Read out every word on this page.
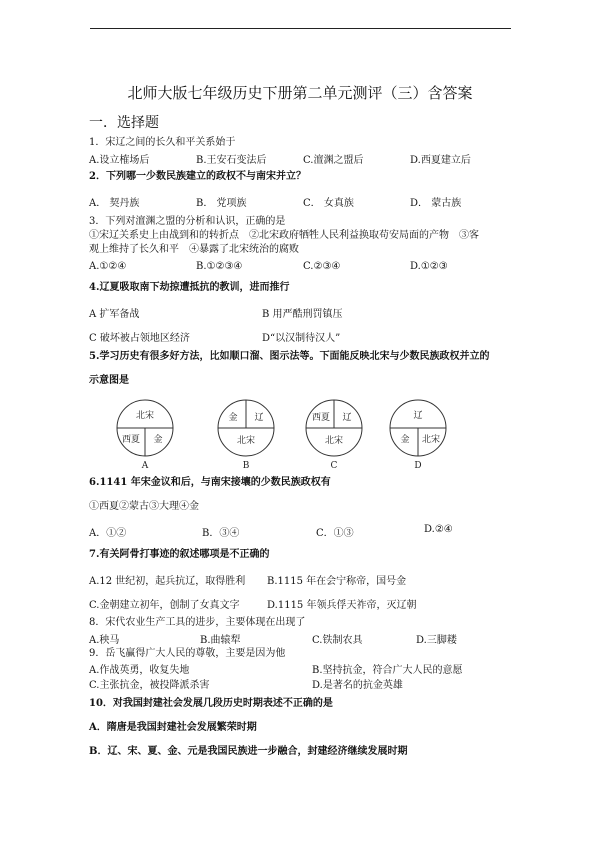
北师大版七年级历史下册第二单元测评（三）含答案
一．选择题
1．宋辽之间的长久和平关系始于
A.设立榷场后	B.王安石变法后	C.澶渊之盟后	D.西夏建立后
2．下列哪一少数民族建立的政权不与南宋并立？
A． 契丹族	B． 党项族	C． 女真族	D． 蒙古族
3．下列对澶渊之盟的分析和认识，正确的是
①宋辽关系史上由战到和的转折点　②北宋政府牺牲人民利益换取苟安局面的产物　③客
观上维持了长久和平　④暴露了北宋统治的腐败
A.①②④	B.①②③④	C.②③④	D.①②③
4.辽夏吸取南下劫掠遭抵抗的教训，进而推行
A 扩军备战	B 用严酷刑罚镇压
C 破坏被占领地区经济	D“以汉制待汉人”
5.学习历史有很多好方法，比如顺口溜、图示法等。下面能反映北宋与少数民族政权并立的
示意图是
北宋
西夏 金
A
金 辽
北宋
B
西夏 辽
北宋
C
辽
金 北宋
D
6.1141 年宋金议和后，与南宋接壤的少数民族政权有
①西夏②蒙古③大理④金
A．①②	B．③④	C．①③	D.②④
7.有关阿骨打事迹的叙述哪项是不正确的
A.12 世纪初，起兵抗辽，取得胜利 B.1115 年在会宁称帝，国号金
C.金朝建立初年，创制了女真文字	D.1115 年领兵俘天祚帝，灭辽朝
8．宋代农业生产工具的进步，主要体现在出现了
A.秧马	B.曲辕犁	C.铁制农具	D.三脚耧
9．岳飞赢得广大人民的尊敬，主要是因为他
A.作战英勇，收复失地	B.坚持抗金，符合广大人民的意愿
C.主张抗金，被投降派杀害	D.是著名的抗金英雄
10．对我国封建社会发展几段历史时期表述不正确的是
A．隋唐是我国封建社会发展繁荣时期
B．辽、宋、夏、金、元是我国民族进一步融合，封建经济继续发展时期
